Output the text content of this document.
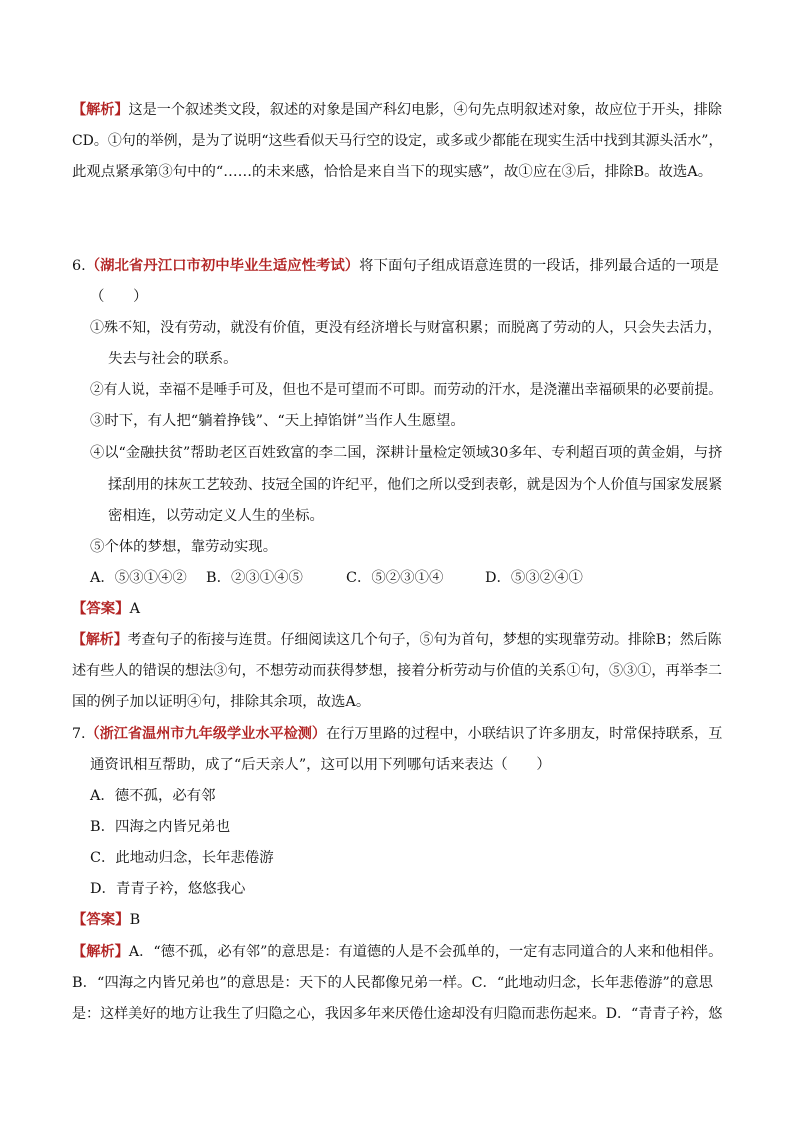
【解析】这是一个叙述类文段，叙述的对象是国产科幻电影，④句先点明叙述对象，故应位于开头，排除
CD。①句的举例，是为了说明“这些看似天马行空的设定，或多或少都能在现实生活中找到其源头活水”，
此观点紧承第③句中的“……的未来感，恰恰是来自当下的现实感”，故①应在③后，排除B。故选A。
6.（湖北省丹江口市初中毕业生适应性考试）将下面句子组成语意连贯的一段话，排列最合适的一项是
（　　）
①殊不知，没有劳动，就没有价值，更没有经济增长与财富积累；而脱离了劳动的人，只会失去活力，
失去与社会的联系。
②有人说，幸福不是唾手可及，但也不是可望而不可即。而劳动的汗水，是浇灌出幸福硕果的必要前提。
③时下，有人把“躺着挣钱”、“天上掉馅饼”当作人生愿望。
④以“金融扶贫”帮助老区百姓致富的李二国，深耕计量检定领域30多年、专利超百项的黄金娟，与挤
揉刮用的抹灰工艺较劲、技冠全国的许纪平，他们之所以受到表彰，就是因为个人价值与国家发展紧
密相连，以劳动定义人生的坐标。
⑤个体的梦想，靠劳动实现。
A．⑤③①④② B．②③①④⑤	C．⑤②③①④	D．⑤③②④①
【答案】A
【解析】考查句子的衔接与连贯。仔细阅读这几个句子，⑤句为首句，梦想的实现靠劳动。排除B；然后陈
述有些人的错误的想法③句，不想劳动而获得梦想，接着分析劳动与价值的关系①句，⑤③①，再举李二
国的例子加以证明④句，排除其余项，故选A。
7.（浙江省温州市九年级学业水平检测）在行万里路的过程中，小联结识了许多朋友，时常保持联系，互
通资讯相互帮助，成了“后天亲人”，这可以用下列哪句话来表达（　　）
A．德不孤，必有邻
B．四海之内皆兄弟也
C．此地动归念，长年悲倦游
D．青青子衿，悠悠我心
【答案】B
【解析】A．“德不孤，必有邻”的意思是：有道德的人是不会孤单的，一定有志同道合的人来和他相伴。
B．“四海之内皆兄弟也”的意思是：天下的人民都像兄弟一样。C．“此地动归念，长年悲倦游”的意思
是：这样美好的地方让我生了归隐之心，我因多年来厌倦仕途却没有归隐而悲伤起来。D．“青青子衿，悠
